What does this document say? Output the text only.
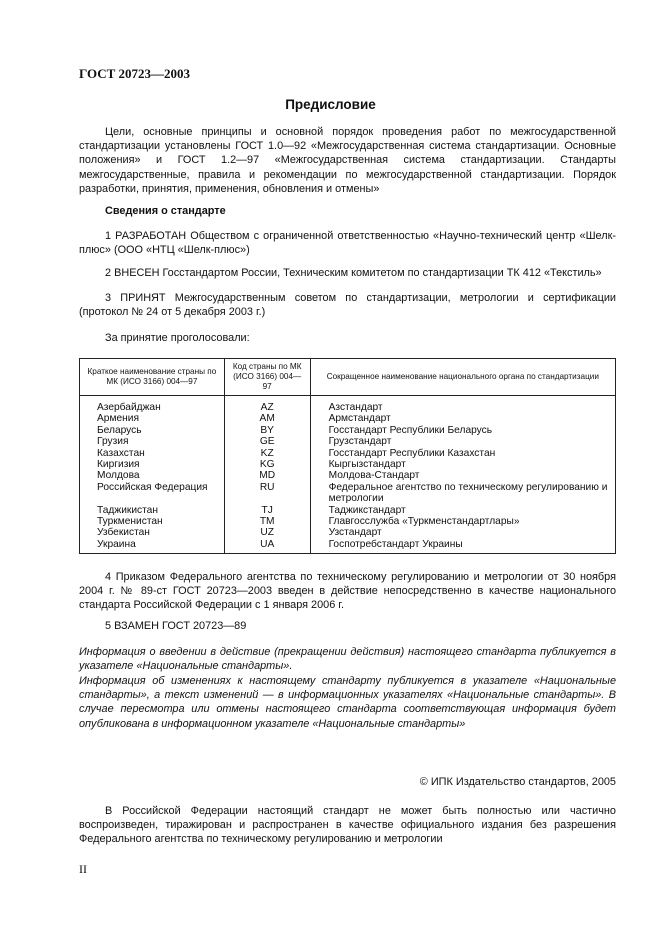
ГОСТ 20723—2003
Предисловие
Цели, основные принципы и основной порядок проведения работ по межгосударственной стандартизации установлены ГОСТ 1.0—92 «Межгосударственная система стандартизации. Основные положения» и ГОСТ 1.2—97 «Межгосударственная система стандартизации. Стандарты межгосударственные, правила и рекомендации по межгосударственной стандартизации. Порядок разработки, принятия, применения, обновления и отмены»
Сведения о стандарте
1 РАЗРАБОТАН Обществом с ограниченной ответственностью «Научно-технический центр «Шелк-плюс» (ООО «НТЦ «Шелк-плюс»)
2 ВНЕСЕН Госстандартом России, Техническим комитетом по стандартизации ТК 412 «Текстиль»
3 ПРИНЯТ Межгосударственным советом по стандартизации, метрологии и сертификации (протокол № 24 от 5 декабря 2003 г.)
За принятие проголосовали:
Краткое наименование страны по МК (ИСО 3166) 004—97	Код страны по МК (ИСО 3166) 004—97	Сокращенное наименование национального органа по стандартизации
Азербайджан	AZ	Азстандарт
Армения	AM	Армстандарт
Беларусь	BY	Госстандарт Республики Беларусь
Грузия	GE	Грузстандарт
Казахстан	KZ	Госстандарт Республики Казахстан
Киргизия	KG	Кыргызстандарт
Молдова	MD	Молдова-Стандарт
Российская Федерация	RU	Федеральное агентство по техническому регулированию и метрологии
Таджикистан	TJ	Таджикстандарт
Туркменистан	TM	Главгосслужба «Туркменстандартлары»
Узбекистан	UZ	Узстандарт
Украина	UA	Госпотребстандарт Украины
4 Приказом Федерального агентства по техническому регулированию и метрологии от 30 ноября 2004 г. № 89-ст ГОСТ 20723—2003 введен в действие непосредственно в качестве национального стандарта Российской Федерации с 1 января 2006 г.
5 ВЗАМЕН ГОСТ 20723—89
Информация о введении в действие (прекращении действия) настоящего стандарта публикуется в указателе «Национальные стандарты».
Информация об изменениях к настоящему стандарту публикуется в указателе «Национальные стандарты», а текст изменений — в информационных указателях «Национальные стандарты». В случае пересмотра или отмены настоящего стандарта соответствующая информация будет опубликована в информационном указателе «Национальные стандарты»
© ИПК Издательство стандартов, 2005
В Российской Федерации настоящий стандарт не может быть полностью или частично воспроизведен, тиражирован и распространен в качестве официального издания без разрешения Федерального агентства по техническому регулированию и метрологии
II
